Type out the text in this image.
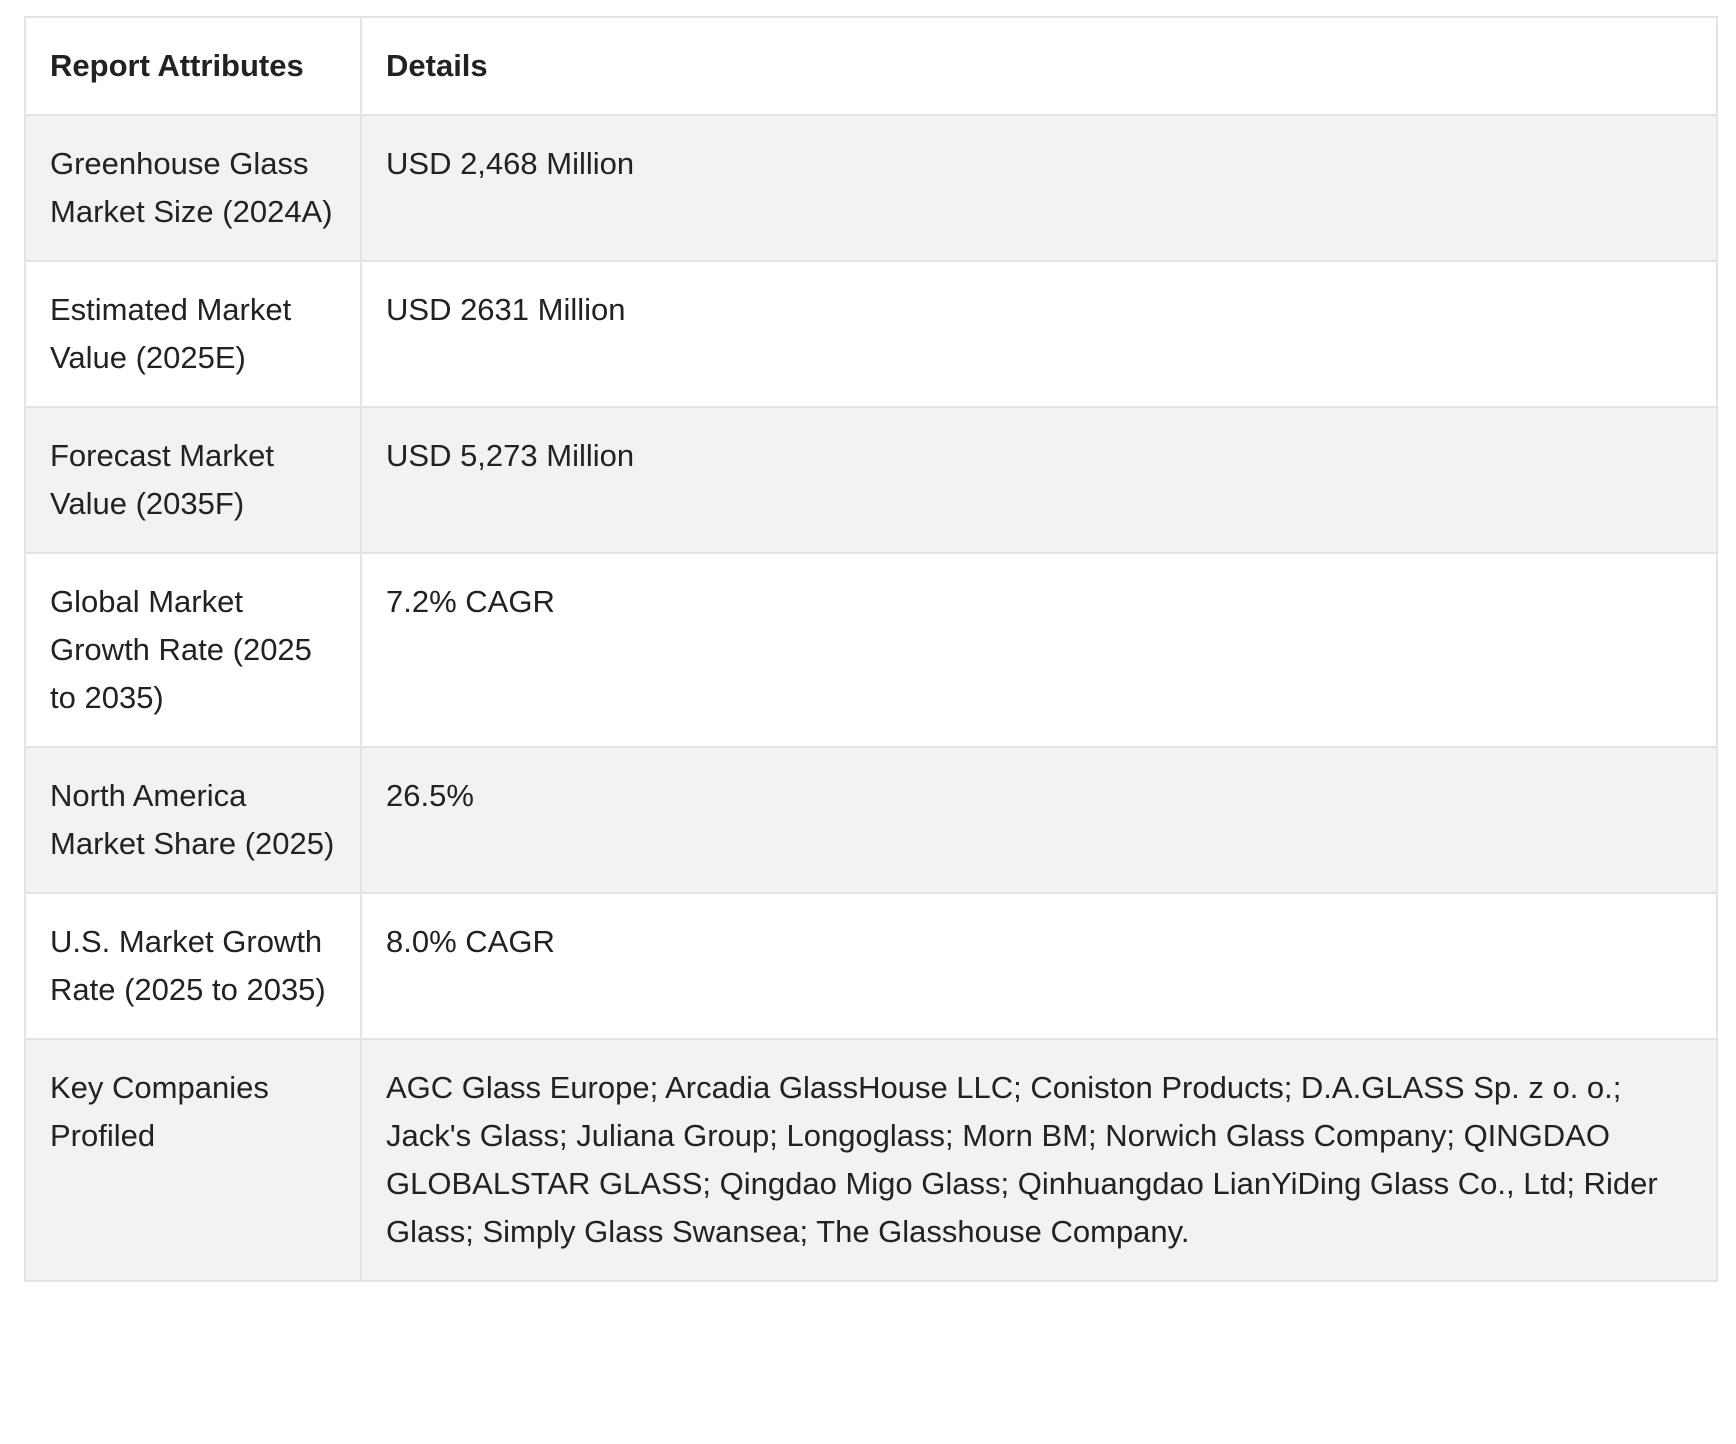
Report Attributes	Details
Greenhouse Glass Market Size (2024A)	USD 2,468 Million
Estimated Market Value (2025E)	USD 2631 Million
Forecast Market Value (2035F)	USD 5,273 Million
Global Market Growth Rate (2025 to 2035)	7.2% CAGR
North America Market Share (2025)	26.5%
U.S. Market Growth Rate (2025 to 2035)	8.0% CAGR
Key Companies Profiled	AGC Glass Europe; Arcadia GlassHouse LLC; Coniston Products; D.A.GLASS Sp. z o. o.; Jack's Glass; Juliana Group; Longoglass; Morn BM; Norwich Glass Company; QINGDAO GLOBALSTAR GLASS; Qingdao Migo Glass; Qinhuangdao LianYiDing Glass Co., Ltd; Rider Glass; Simply Glass Swansea; The Glasshouse Company.
